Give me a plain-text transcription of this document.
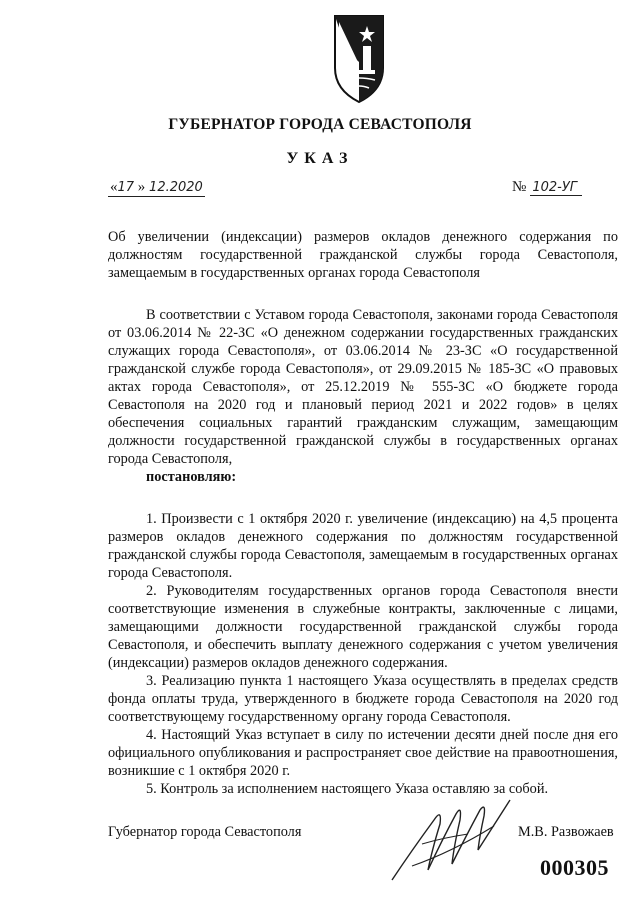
ГУБЕРНАТОР ГОРОДА СЕВАСТОПОЛЯ
УКАЗ
«17 » 12.2020	№ 102-УГ
Об увеличении (индексации) размеров окладов денежного содержания по должностям государственной гражданской службы города Севастополя, замещаемым в государственных органах города Севастополя

В соответствии с Уставом города Севастополя, законами города Севастополя от 03.06.2014 № 22-ЗС «О денежном содержании государственных гражданских служащих города Севастополя», от 03.06.2014 № 23-ЗС «О государственной гражданской службе города Севастополя», от 29.09.2015 № 185-ЗС «О правовых актах города Севастополя», от 25.12.2019 № 555-ЗС «О бюджете города Севастополя на 2020 год и плановый период 2021 и 2022 годов» в целях обеспечения социальных гарантий гражданским служащим, замещающим должности государственной гражданской службы в государственных органах города Севастополя,

постановляю:

1. Произвести с 1 октября 2020 г. увеличение (индексацию) на 4,5 процента размеров окладов денежного содержания по должностям государственной гражданской службы города Севастополя, замещаемым в государственных органах города Севастополя.

2. Руководителям государственных органов города Севастополя внести соответствующие изменения в служебные контракты, заключенные с лицами, замещающими должности государственной гражданской службы города Севастополя, и обеспечить выплату денежного содержания с учетом увеличения (индексации) размеров окладов денежного содержания.

3. Реализацию пункта 1 настоящего Указа осуществлять в пределах средств фонда оплаты труда, утвержденного в бюджете города Севастополя на 2020 год соответствующему государственному органу города Севастополя.

4. Настоящий Указ вступает в силу по истечении десяти дней после дня его официального опубликования и распространяет свое действие на правоотношения, возникшие с 1 октября 2020 г.

5. Контроль за исполнением настоящего Указа оставляю за собой.

Губернатор города Севастополя	М.В. Развожаев
000305
